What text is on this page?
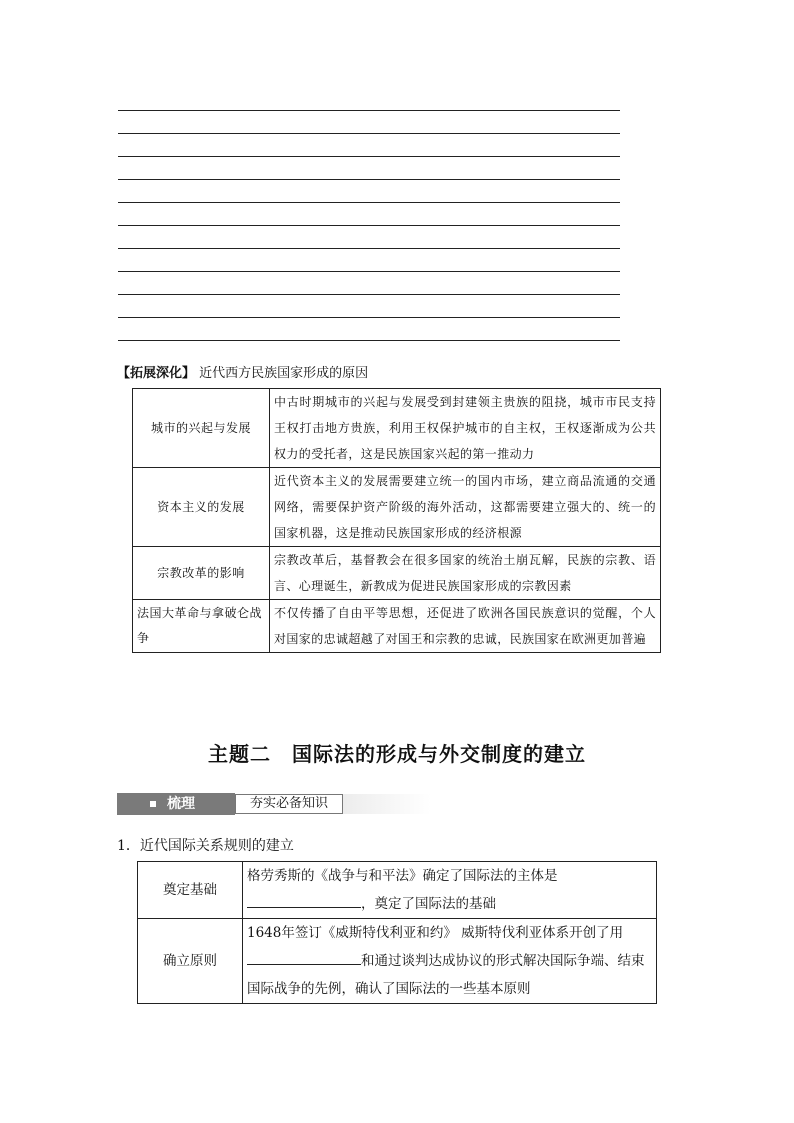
【拓展深化】 近代西方民族国家形成的原因
城市的兴起与发展	中古时期城市的兴起与发展受到封建领主贵族的阻挠，城市市民支持王权打击地方贵族，利用王权保护城市的自主权，王权逐渐成为公共权力的受托者，这是民族国家兴起的第一推动力
资本主义的发展	近代资本主义的发展需要建立统一的国内市场，建立商品流通的交通网络，需要保护资产阶级的海外活动，这都需要建立强大的、统一的国家机器，这是推动民族国家形成的经济根源
宗教改革的影响	宗教改革后，基督教会在很多国家的统治土崩瓦解，民族的宗教、语言、心理诞生，新教成为促进民族国家形成的宗教因素
法国大革命与拿破仑战争	不仅传播了自由平等思想，还促进了欧洲各国民族意识的觉醒，个人对国家的忠诚超越了对国王和宗教的忠诚，民族国家在欧洲更加普遍
主题二　国际法的形成与外交制度的建立
梳理	夯实必备知识
1．近代国际关系规则的建立
奠定基础	格劳秀斯的《战争与和平法》确定了国际法的主体是
，奠定了国际法的基础
确立原则	1648年签订《威斯特伐利亚和约》 威斯特伐利亚体系开创了用
和通过谈判达成协议的形式解决国际争端、结束国际战争的先例，确认了国际法的一些基本原则
